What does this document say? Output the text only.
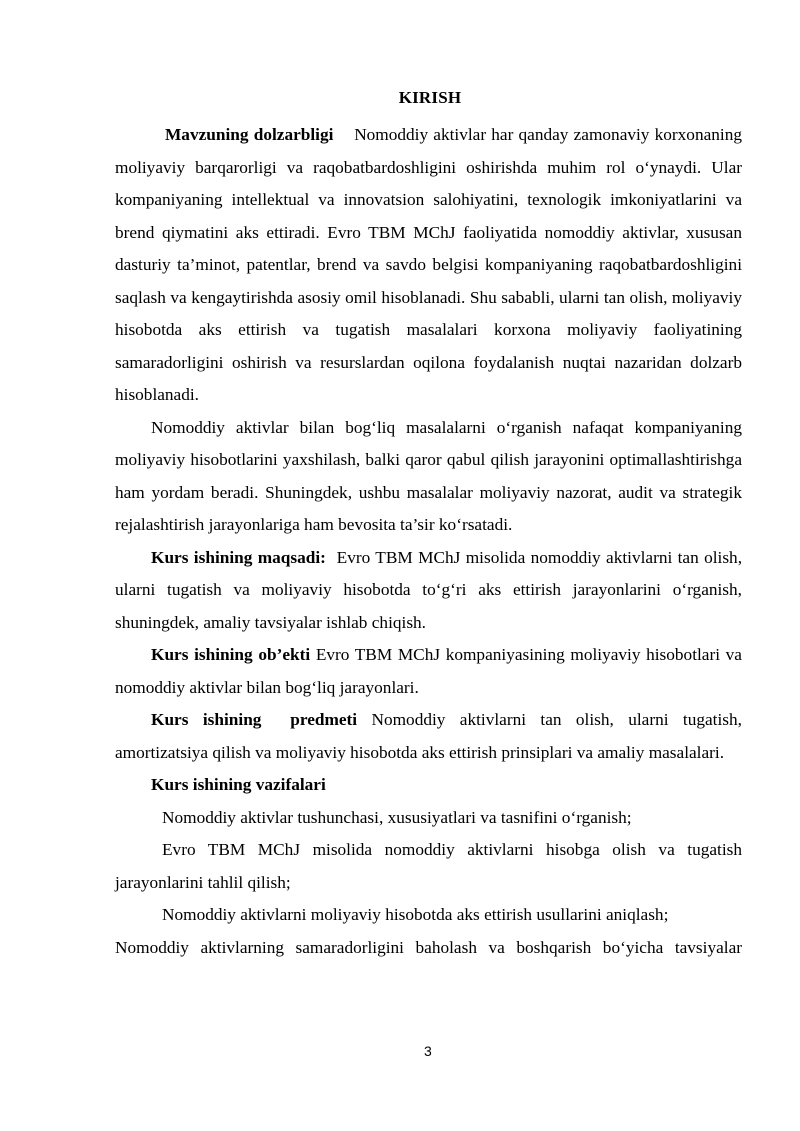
KIRISH

Mavzuning dolzarbligi Nomoddiy aktivlar har qanday zamonaviy korxonaning moliyaviy barqarorligi va raqobatbardoshligini oshirishda muhim rol o‘ynaydi. Ular kompaniyaning intellektual va innovatsion salohiyatini, texnologik imkoniyatlarini va brend qiymatini aks ettiradi. Evro TBM MChJ faoliyatida nomoddiy aktivlar, xususan dasturiy ta’minot, patentlar, brend va savdo belgisi kompaniyaning raqobatbardoshligini saqlash va kengaytirishda asosiy omil hisoblanadi. Shu sababli, ularni tan olish, moliyaviy hisobotda aks ettirish va tugatish masalalari korxona moliyaviy faoliyatining samaradorligini oshirish va resurslardan oqilona foydalanish nuqtai nazaridan dolzarb hisoblanadi.

Nomoddiy aktivlar bilan bog‘liq masalalarni o‘rganish nafaqat kompaniyaning moliyaviy hisobotlarini yaxshilash, balki qaror qabul qilish jarayonini optimallashtirishga ham yordam beradi. Shuningdek, ushbu masalalar moliyaviy nazorat, audit va strategik rejalashtirish jarayonlariga ham bevosita ta’sir ko‘rsatadi.

Kurs ishining maqsadi: Evro TBM MChJ misolida nomoddiy aktivlarni tan olish, ularni tugatish va moliyaviy hisobotda to‘g‘ri aks ettirish jarayonlarini o‘rganish, shuningdek, amaliy tavsiyalar ishlab chiqish.

Kurs ishining ob’ekti Evro TBM MChJ kompaniyasining moliyaviy hisobotlari va nomoddiy aktivlar bilan bog‘liq jarayonlari.

Kurs ishining  predmeti Nomoddiy aktivlarni tan olish, ularni tugatish, amortizatsiya qilish va moliyaviy hisobotda aks ettirish prinsiplari va amaliy masalalari.

Kurs ishining vazifalari

Nomoddiy aktivlar tushunchasi, xususiyatlari va tasnifini o‘rganish;

Evro TBM MChJ misolida nomoddiy aktivlarni hisobga olish va tugatish jarayonlarini tahlil qilish;

Nomoddiy aktivlarni moliyaviy hisobotda aks ettirish usullarini aniqlash;

Nomoddiy aktivlarning samaradorligini baholash va boshqarish bo‘yicha tavsiyalar

3
